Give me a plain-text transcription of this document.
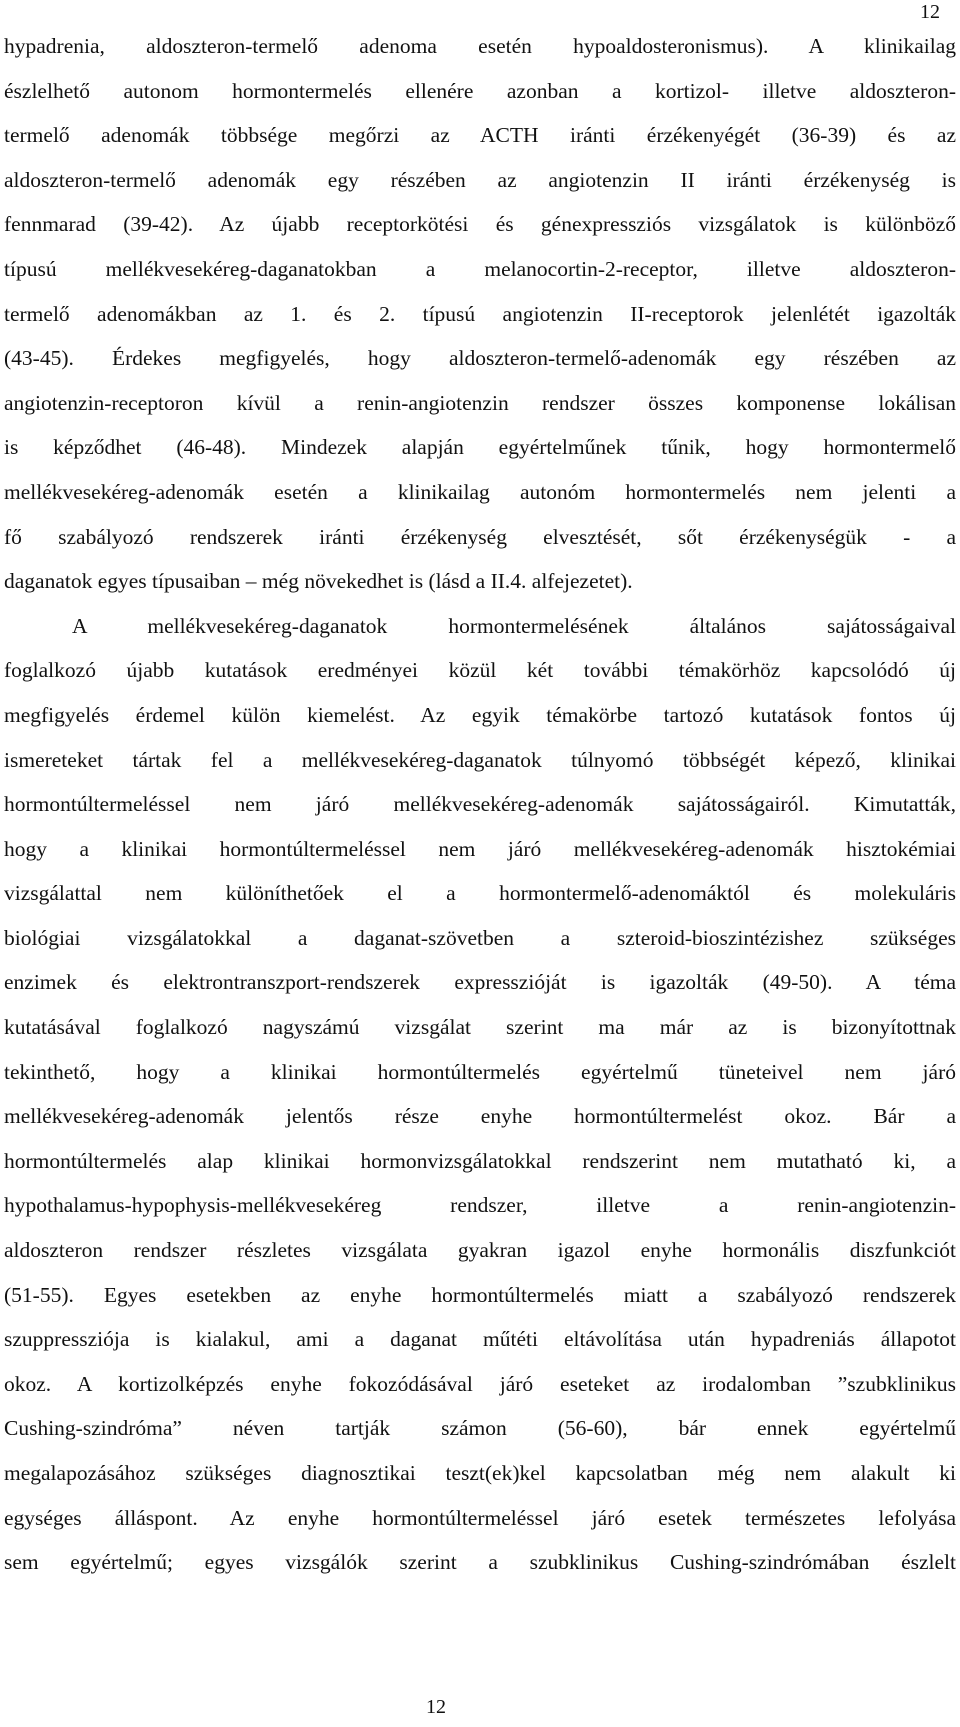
12
hypadrenia, aldoszteron-termelő adenoma esetén hypoaldosteronismus). A klinikailag
észlelhető autonom hormontermelés ellenére azonban a kortizol- illetve aldoszteron-
termelő adenomák többsége megőrzi az ACTH iránti érzékenyégét (36-39) és az
aldoszteron-termelő adenomák egy részében az angiotenzin II iránti érzékenység is
fennmarad (39-42). Az újabb receptorkötési és génexpressziós vizsgálatok is különböző
típusú mellékvesekéreg-daganatokban a melanocortin-2-receptor, illetve aldoszteron-
termelő adenomákban az 1. és 2. típusú angiotenzin II-receptorok jelenlétét igazolták
(43-45). Érdekes megfigyelés, hogy aldoszteron-termelő-adenomák egy részében az
angiotenzin-receptoron kívül a renin-angiotenzin rendszer összes komponense lokálisan
is képződhet (46-48). Mindezek alapján egyértelműnek tűnik, hogy hormontermelő
mellékvesekéreg-adenomák esetén a klinikailag autonóm hormontermelés nem jelenti a
fő szabályozó rendszerek iránti érzékenység elvesztését, sőt érzékenységük - a
daganatok egyes típusaiban – még növekedhet is (lásd a II.4. alfejezetet).
A mellékvesekéreg-daganatok hormontermelésének általános sajátosságaival
foglalkozó újabb kutatások eredményei közül két további témakörhöz kapcsolódó új
megfigyelés érdemel külön kiemelést. Az egyik témakörbe tartozó kutatások fontos új
ismereteket tártak fel a mellékvesekéreg-daganatok túlnyomó többségét képező, klinikai
hormontúltermeléssel nem járó mellékvesekéreg-adenomák sajátosságairól. Kimutatták,
hogy a klinikai hormontúltermeléssel nem járó mellékvesekéreg-adenomák hisztokémiai
vizsgálattal nem különíthetőek el a hormontermelő-adenomáktól és molekuláris
biológiai vizsgálatokkal a daganat-szövetben a szteroid-bioszintézishez szükséges
enzimek és elektrontranszport-rendszerek expresszióját is igazolták (49-50). A téma
kutatásával foglalkozó nagyszámú vizsgálat szerint ma már az is bizonyítottnak
tekinthető, hogy a klinikai hormontúltermelés egyértelmű tüneteivel nem járó
mellékvesekéreg-adenomák jelentős része enyhe hormontúltermelést okoz. Bár a
hormontúltermelés alap klinikai hormonvizsgálatokkal rendszerint nem mutatható ki, a
hypothalamus-hypophysis-mellékvesekéreg rendszer, illetve a renin-angiotenzin-
aldoszteron rendszer részletes vizsgálata gyakran igazol enyhe hormonális diszfunkciót
(51-55). Egyes esetekben az enyhe hormontúltermelés miatt a szabályozó rendszerek
szuppressziója is kialakul, ami a daganat műtéti eltávolítása után hypadreniás állapotot
okoz. A kortizolképzés enyhe fokozódásával járó eseteket az irodalomban ”szubklinikus
Cushing-szindróma” néven tartják számon (56-60), bár ennek egyértelmű
megalapozásához szükséges diagnosztikai teszt(ek)kel kapcsolatban még nem alakult ki
egységes álláspont. Az enyhe hormontúltermeléssel járó esetek természetes lefolyása
sem egyértelmű; egyes vizsgálók szerint a szubklinikus Cushing-szindrómában észlelt
12
